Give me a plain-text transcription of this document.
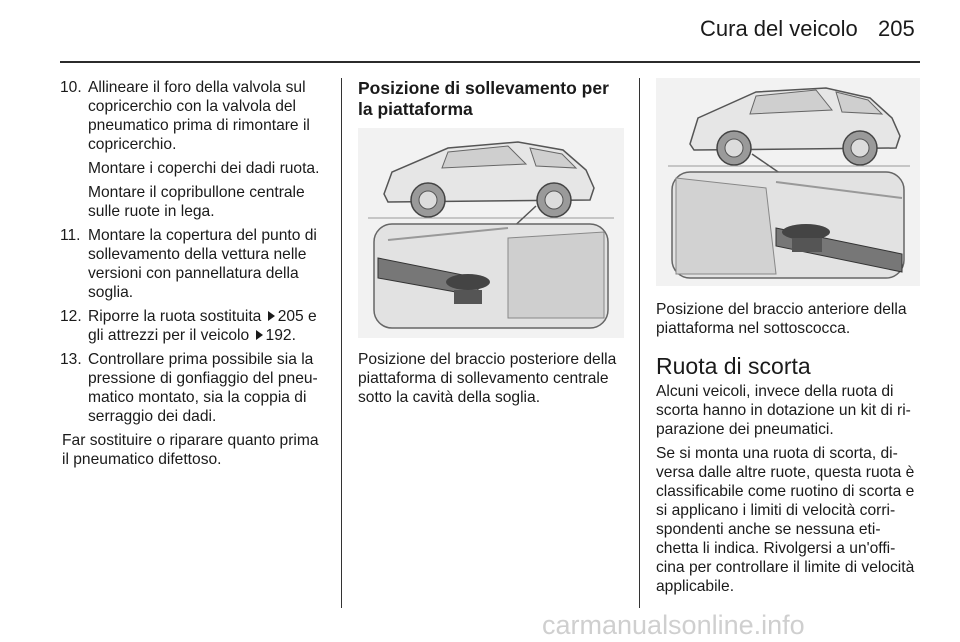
Cura del veicolo 205
10. Allineare il foro della valvola sul copricerchio con la valvola del pneumatico prima di rimontare il copricerchio.
Montare i coperchi dei dadi ruota.
Montare il copribullone centrale sulle ruote in lega.
11. Montare la copertura del punto di sollevamento della vettura nelle versioni con pannellatura della soglia.
12. Riporre la ruota sostituita 205 e gli attrezzi per il veicolo 192.
13. Controllare prima possibile sia la pressione di gonfiaggio del pneu-matico montato, sia la coppia di serraggio dei dadi.
Far sostituire o riparare quanto prima il pneumatico difettoso.
Posizione di sollevamento per la piattaforma
Posizione del braccio posteriore della piattaforma di sollevamento centrale sotto la cavità della soglia.
Posizione del braccio anteriore della piattaforma nel sottoscocca.
Ruota di scorta
Alcuni veicoli, invece della ruota di scorta hanno in dotazione un kit di ri-parazione dei pneumatici.
Se si monta una ruota di scorta, di-versa dalle altre ruote, questa ruota è classificabile come ruotino di scorta e si applicano i limiti di velocità corri-spondenti anche se nessuna eti-chetta li indica. Rivolgersi a un'offi-cina per controllare il limite di velocità applicabile.
carmanualsonline.info
